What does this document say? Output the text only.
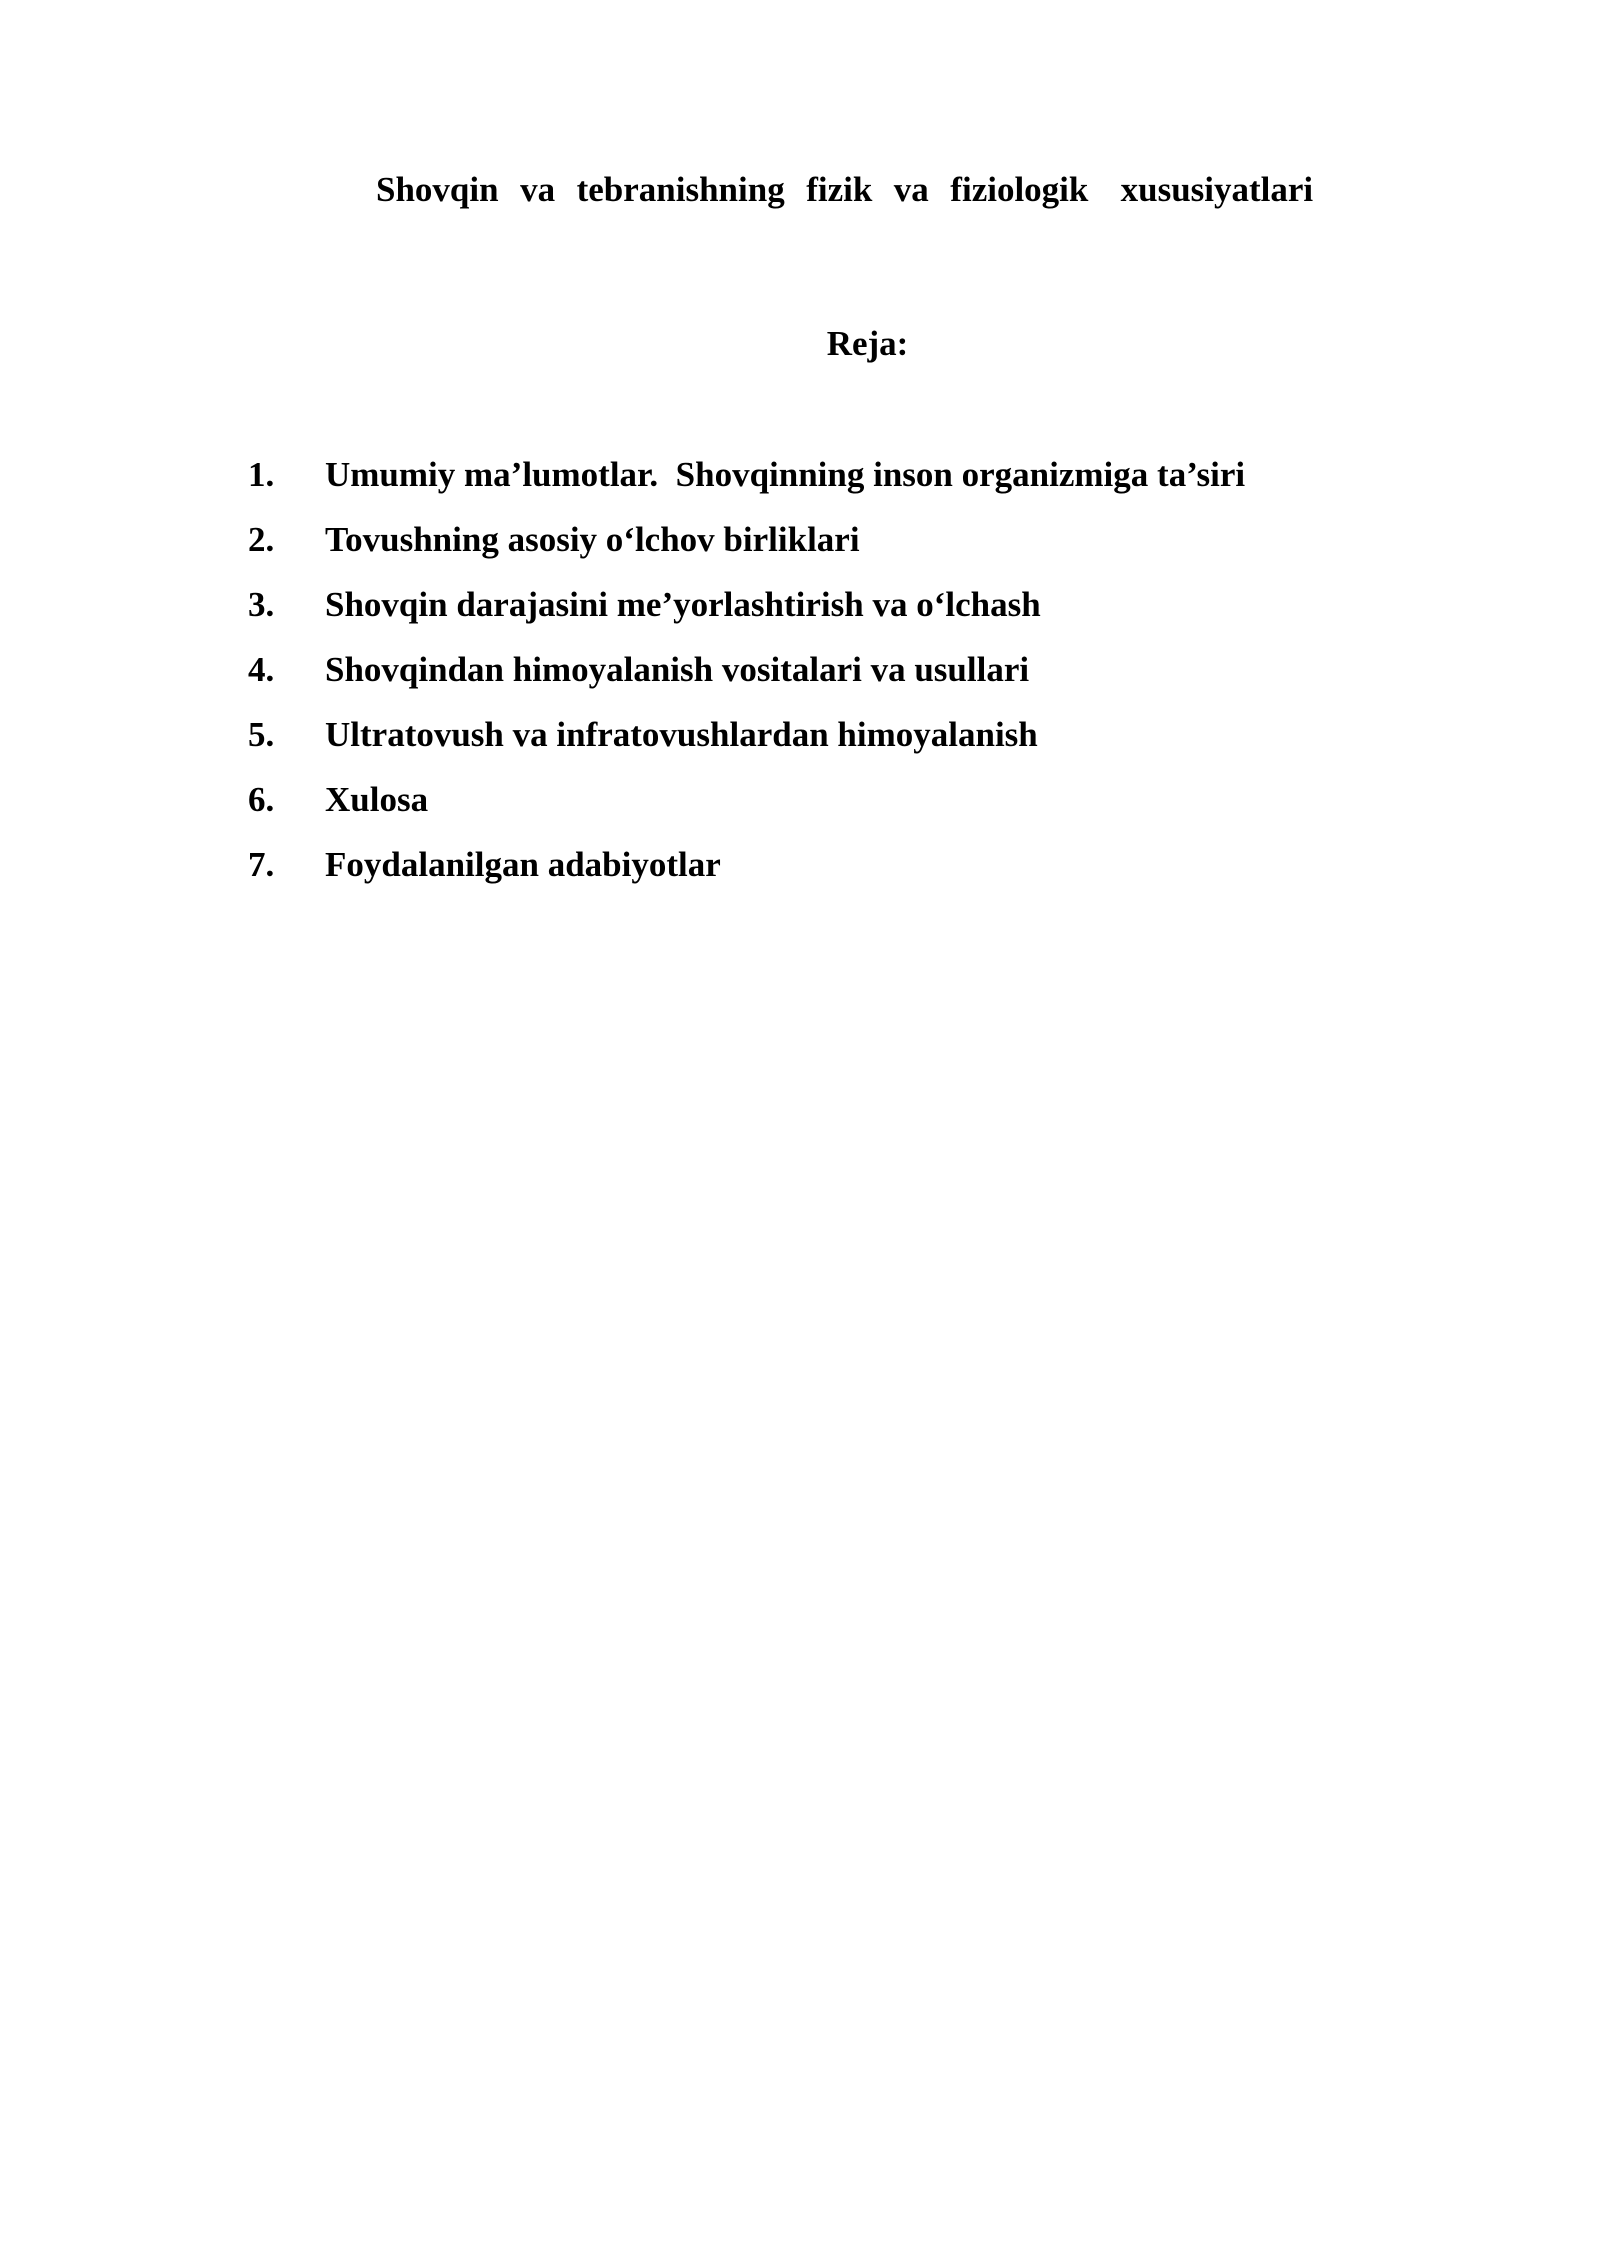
Shovqin  va  tebranishning  fizik  va  fiziologik   xususiyatlari
Reja:
1.	Umumiy ma’lumotlar.  Shovqinning inson organizmiga ta’siri
2.	Tovushning asosiy o‘lchov birliklari
3.	Shovqin darajasini me’yorlashtirish va o‘lchash
4.	Shovqindan himoyalanish vositalari va usullari
5.	Ultratovush va infratovushlardan himoyalanish
6.	Xulosa
7.	Foydalanilgan adabiyotlar
